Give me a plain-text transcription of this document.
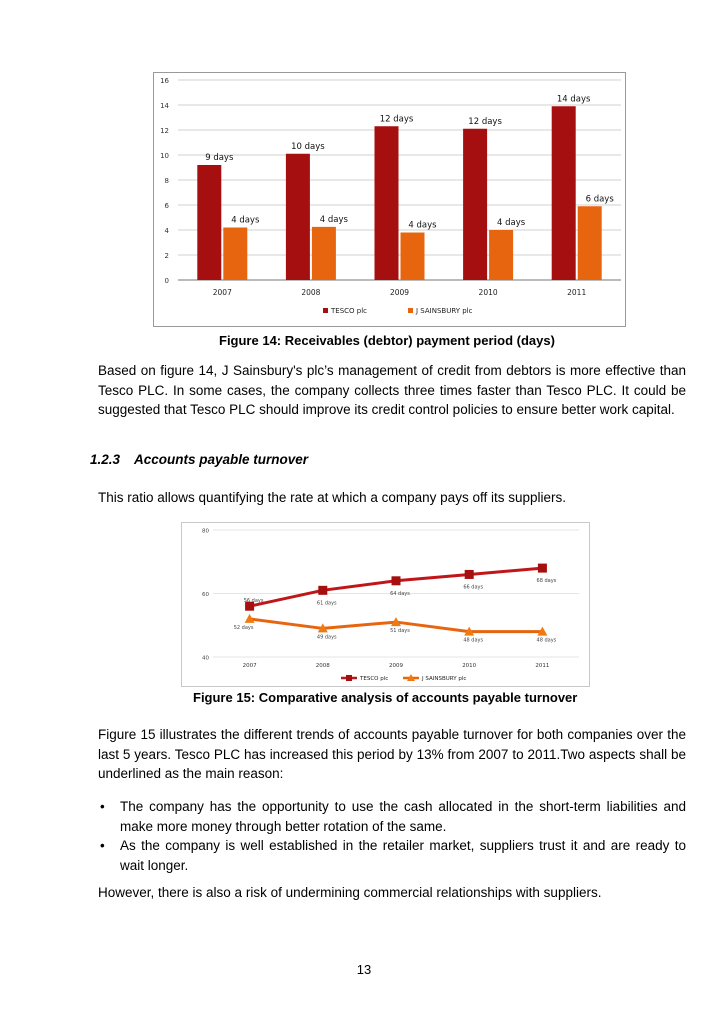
0
2
4
6
8
10
12
14
16
2007
9 days
4 days
2008
10 days
4 days
2009
12 days
4 days
2010
12 days
4 days
2011
14 days
6 days
TESCO plc	J SAINSBURY plc
Figure 14: Receivables (debtor) payment period (days)
Based on figure 14, J Sainsbury's plc’s management of credit from debtors is more effective than Tesco PLC. In some cases, the company collects three times faster than Tesco PLC. It could be suggested that Tesco PLC should improve its credit control policies to ensure better work capital.
1.2.3 Accounts payable turnover
This ratio allows quantifying the rate at which a company pays off its suppliers.
40
60
80
2007	2008	2009	2010	2011
56 days	61 days
64 days
66 days
68 days
52 days
49 days
51 days
48 days	48 days
TESCO plc	J SAINSBURY plc
Figure 15: Comparative analysis of accounts payable turnover
Figure 15 illustrates the different trends of accounts payable turnover for both companies over the last 5 years. Tesco PLC has increased this period by 13% from 2007 to 2011.Two aspects shall be underlined as the main reason:
• The company has the opportunity to use the cash allocated in the short-term liabilities and make more money through better rotation of the same.
• As the company is well established in the retailer market, suppliers trust it and are ready to wait longer.
However, there is also a risk of undermining commercial relationships with suppliers.
13
